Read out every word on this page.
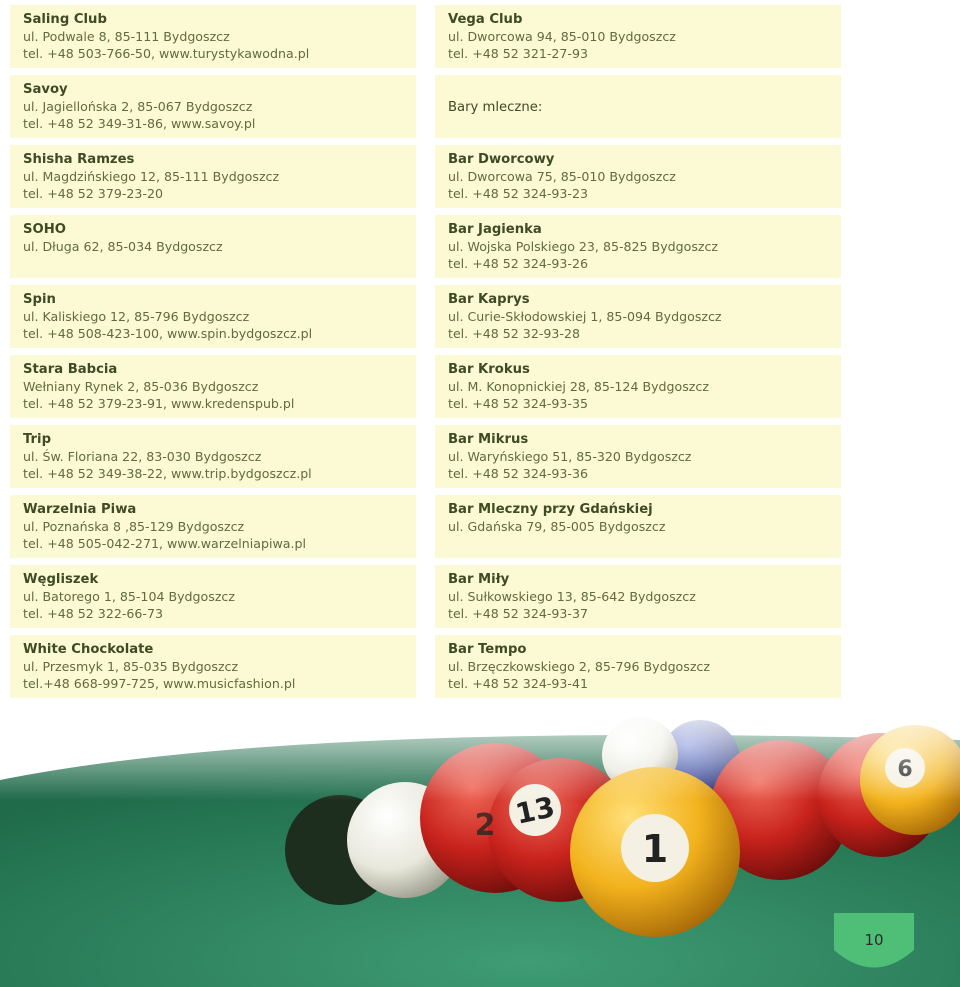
Saling Club
ul. Podwale 8, 85-111 Bydgoszcz
tel. +48 503-766-50, www.turystykawodna.pl
Savoy
ul. Jagiellońska 2, 85-067 Bydgoszcz
tel. +48 52 349-31-86, www.savoy.pl
Shisha Ramzes
ul. Magdzińskiego 12, 85-111 Bydgoszcz
tel. +48 52 379-23-20
SOHO
ul. Długa 62, 85-034 Bydgoszcz
Spin
ul. Kaliskiego 12, 85-796 Bydgoszcz
tel. +48 508-423-100, www.spin.bydgoszcz.pl
Stara Babcia
Wełniany Rynek 2, 85-036 Bydgoszcz
tel. +48 52 379-23-91, www.kredenspub.pl
Trip
ul. Św. Floriana 22, 83-030 Bydgoszcz
tel. +48 52 349-38-22, www.trip.bydgoszcz.pl
Warzelnia Piwa
ul. Poznańska 8 ,85-129 Bydgoszcz
tel. +48 505-042-271, www.warzelniapiwa.pl
Węgliszek
ul. Batorego 1, 85-104 Bydgoszcz
tel. +48 52 322-66-73
White Chockolate
ul. Przesmyk 1, 85-035 Bydgoszcz
tel.+48 668-997-725, www.musicfashion.pl
Vega Club
ul. Dworcowa 94, 85-010 Bydgoszcz
tel. +48 52 321-27-93
Bary mleczne:
Bar Dworcowy
ul. Dworcowa 75, 85-010 Bydgoszcz
tel. +48 52 324-93-23
Bar Jagienka
ul. Wojska Polskiego 23, 85-825 Bydgoszcz
tel. +48 52 324-93-26
Bar Kaprys
ul. Curie-Skłodowskiej 1, 85-094 Bydgoszcz
tel. +48 52 32-93-28
Bar Krokus
ul. M. Konopnickiej 28, 85-124 Bydgoszcz
tel. +48 52 324-93-35
Bar Mikrus
ul. Waryńskiego 51, 85-320 Bydgoszcz
tel. +48 52 324-93-36
Bar Mleczny przy Gdańskiej
ul. Gdańska 79, 85-005 Bydgoszcz
Bar Miły
ul. Sułkowskiego 13, 85-642 Bydgoszcz
tel. +48 52 324-93-37
Bar Tempo
ul. Brzęczkowskiego 2, 85-796 Bydgoszcz
tel. +48 52 324-93-41
10
